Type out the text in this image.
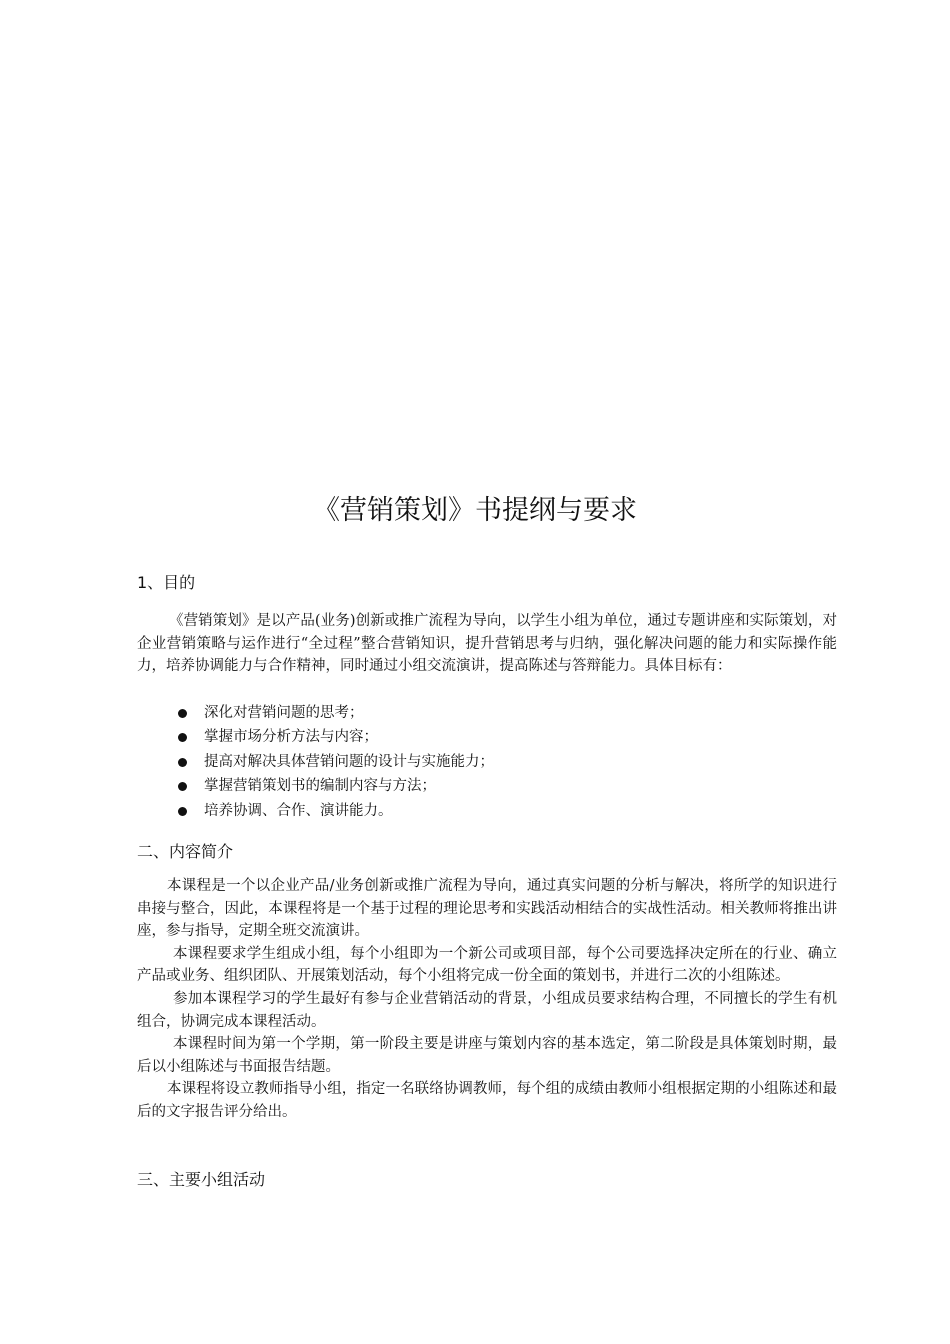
《营销策划》书提纲与要求
1、目的

《营销策划》是以产品(业务)创新或推广流程为导向，以学生小组为单位，通过专题讲座和实际策划，对企业营销策略与运作进行“全过程”整合营销知识，提升营销思考与归纳，强化解决问题的能力和实际操作能力，培养协调能力与合作精神，同时通过小组交流演讲，提高陈述与答辩能力。具体目标有：

深化对营销问题的思考；
掌握市场分析方法与内容；
提高对解决具体营销问题的设计与实施能力；
掌握营销策划书的编制内容与方法；
培养协调、合作、演讲能力。
二、内容简介

本课程是一个以企业产品/业务创新或推广流程为导向，通过真实问题的分析与解决，将所学的知识进行串接与整合，因此，本课程将是一个基于过程的理论思考和实践活动相结合的实战性活动。相关教师将推出讲座，参与指导，定期全班交流演讲。

本课程要求学生组成小组，每个小组即为一个新公司或项目部，每个公司要选择决定所在的行业、确立产品或业务、组织团队、开展策划活动，每个小组将完成一份全面的策划书，并进行二次的小组陈述。

参加本课程学习的学生最好有参与企业营销活动的背景，小组成员要求结构合理，不同擅长的学生有机组合，协调完成本课程活动。

本课程时间为第一个学期，第一阶段主要是讲座与策划内容的基本选定，第二阶段是具体策划时期，最后以小组陈述与书面报告结题。

本课程将设立教师指导小组，指定一名联络协调教师，每个组的成绩由教师小组根据定期的小组陈述和最后的文字报告评分给出。

三、主要小组活动
